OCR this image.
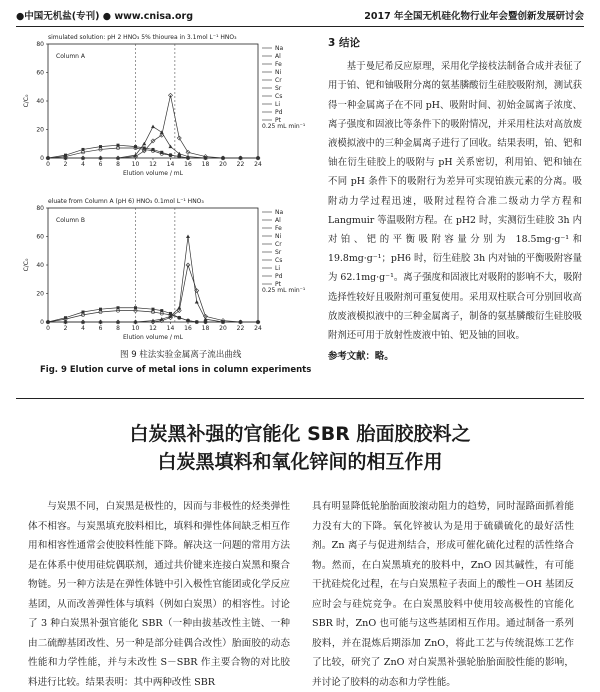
●中国无机盐(专刊) ● www.cnisa.org	2017 年全国无机硅化物行业年会暨创新发展研讨会
simulated solution: pH 2 HNO₃ 5% thiourea in 3.1mol L⁻¹ HNO₃
Column A
0 2 4 6 8 10 12 14 16 18 20 22 24
0
20
40
60
80
Elution volume / mL
C/C₀
0.25 mL min⁻¹
Na
Al
Fe
Ni
Cr
Sr
Cs
Li
Pd
Pt

eluate from Column A (pH 6) HNO₃ 0.1mol L⁻¹ HNO₃
Column B
0 2 4 6 8 10 12 14 16 18 20 22 24
0
20
40
60
80
Elution volume / mL
C/C₀
0.25 mL min⁻¹
Na
Al
Fe
Ni
Cr
Sr
Cs
Li
Pd
Pt
图 9 柱法实验金属离子流出曲线
Fig. 9 Elution curve of metal ions in column experiments
3 结论

基于曼尼希反应原理，采用化学接枝法制备合成并表征了用于铂、钯和铀吸附分离的氨基膦酸衍生硅胶吸附剂，测试获得一种金属离子在不同 pH、吸附时间、初始金属离子浓度、离子强度和固液比等条件下的吸附情况，并采用柱法对高放废液模拟液中的三种金属离子进行了回收。结果表明，铂、钯和铀在衍生硅胶上的吸附与 pH 关系密切，利用铂、钯和铀在不同 pH 条件下的吸附行为差异可实现铂族元素的分离。吸附动力学过程迅速，吸附过程符合准二级动力学方程和 Langmuir 等温吸附方程。在 pH2 时，实测衍生硅胶 3h 内对铂、钯的平衡吸附容量分别为 18.5mg·g⁻¹和 19.8mg·g⁻¹；pH6 时，衍生硅胶 3h 内对铀的平衡吸附容量为 62.1mg·g⁻¹。离子强度和固液比对吸附的影响不大，吸附选择性较好且吸附剂可重复使用。采用双柱联合可分别回收高放废液模拟液中的三种金属离子，制备的氨基膦酸衍生硅胶吸附剂还可用于放射性废液中铂、钯及铀的回收。

参考文献：略。

白炭黑补强的官能化 SBR 胎面胶胶料之
白炭黑填料和氧化锌间的相互作用

与炭黑不同，白炭黑是极性的，因而与非极性的烃类弹性体不相容。与炭黑填充胶料相比，填料和弹性体间缺乏相互作用和相容性通常会使胶料性能下降。解决这一问题的常用方法是在体系中使用硅烷偶联剂，通过共价键来连接白炭黑和聚合物链。另一种方法是在弹性体链中引入极性官能团或化学反应基团，从而改善弹性体与填料（例如白炭黑）的相容性。讨论了 3 种白炭黑补强官能化 SBR（一种由拔基改性主链、一种由二硫醇基团改性、另一种是部分硅偶合改性）胎面胶的动态性能和力学性能，并与未改性 S－SBR 作主要合物的对比胶料进行比较。结果表明：其中两种改性 SBR

具有明显降低轮胎胎面胶滚动阻力的趋势，同时湿路面抓着能力没有大的下降。氧化锌被认为是用于硫磺硫化的最好活性剂。Zn 离子与促进剂结合，形成可催化硫化过程的活性络合物。然而，在白炭黑填充的胶料中，ZnO 因其碱性，有可能干扰硅烷化过程，在与白炭黑粒子表面上的酸性－OH 基团反应时会与硅烷竞争。在白炭黑胶料中使用较高极性的官能化 SBR 时，ZnO 也可能与这些基团相互作用。通过制备一系列胶料，并在混炼后期添加 ZnO，将此工艺与传统混炼工艺作了比较，研究了 ZnO 对白炭黑补强轮胎胎面胶性能的影响，并讨论了胶料的动态和力学性能。
